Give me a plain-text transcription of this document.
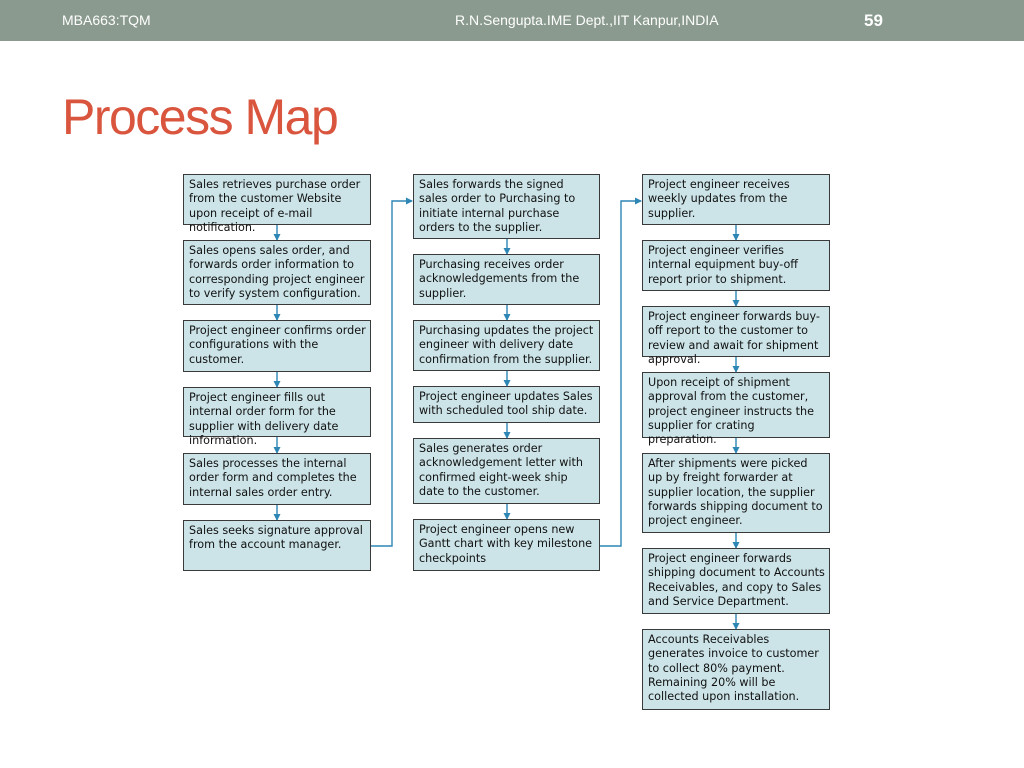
MBA663:TQM	R.N.Sengupta.IME Dept.,IIT Kanpur,INDIA	59
Process Map
Sales retrieves purchase order from the customer Website upon receipt of e-mail notification.
Sales opens sales order, and forwards order information to corresponding project engineer to verify system configuration.
Project engineer confirms order configurations with the customer.
Project engineer fills out internal order form for the supplier with delivery date information.
Sales processes the internal order form and completes the internal sales order entry.
Sales seeks signature approval from the account manager.
Sales forwards the signed sales order to Purchasing to initiate internal purchase orders to the supplier.
Purchasing receives order acknowledgements from the supplier.
Purchasing updates the project engineer with delivery date confirmation from the supplier.
Project engineer updates Sales with scheduled tool ship date.
Sales generates order acknowledgement letter with confirmed eight-week ship date to the customer.
Project engineer opens new Gantt chart with key milestone checkpoints
Project engineer receives weekly updates from the supplier.
Project engineer verifies internal equipment buy-off report prior to shipment.
Project engineer forwards buy-off report to the customer to review and await for shipment approval.
Upon receipt of shipment approval from the customer, project engineer instructs the supplier for crating preparation.
After shipments were picked up by freight forwarder at supplier location, the supplier forwards shipping document to project engineer.
Project engineer forwards shipping document to Accounts Receivables, and copy to Sales and Service Department.
Accounts Receivables generates invoice to customer to collect 80% payment. Remaining 20% will be collected upon installation.
